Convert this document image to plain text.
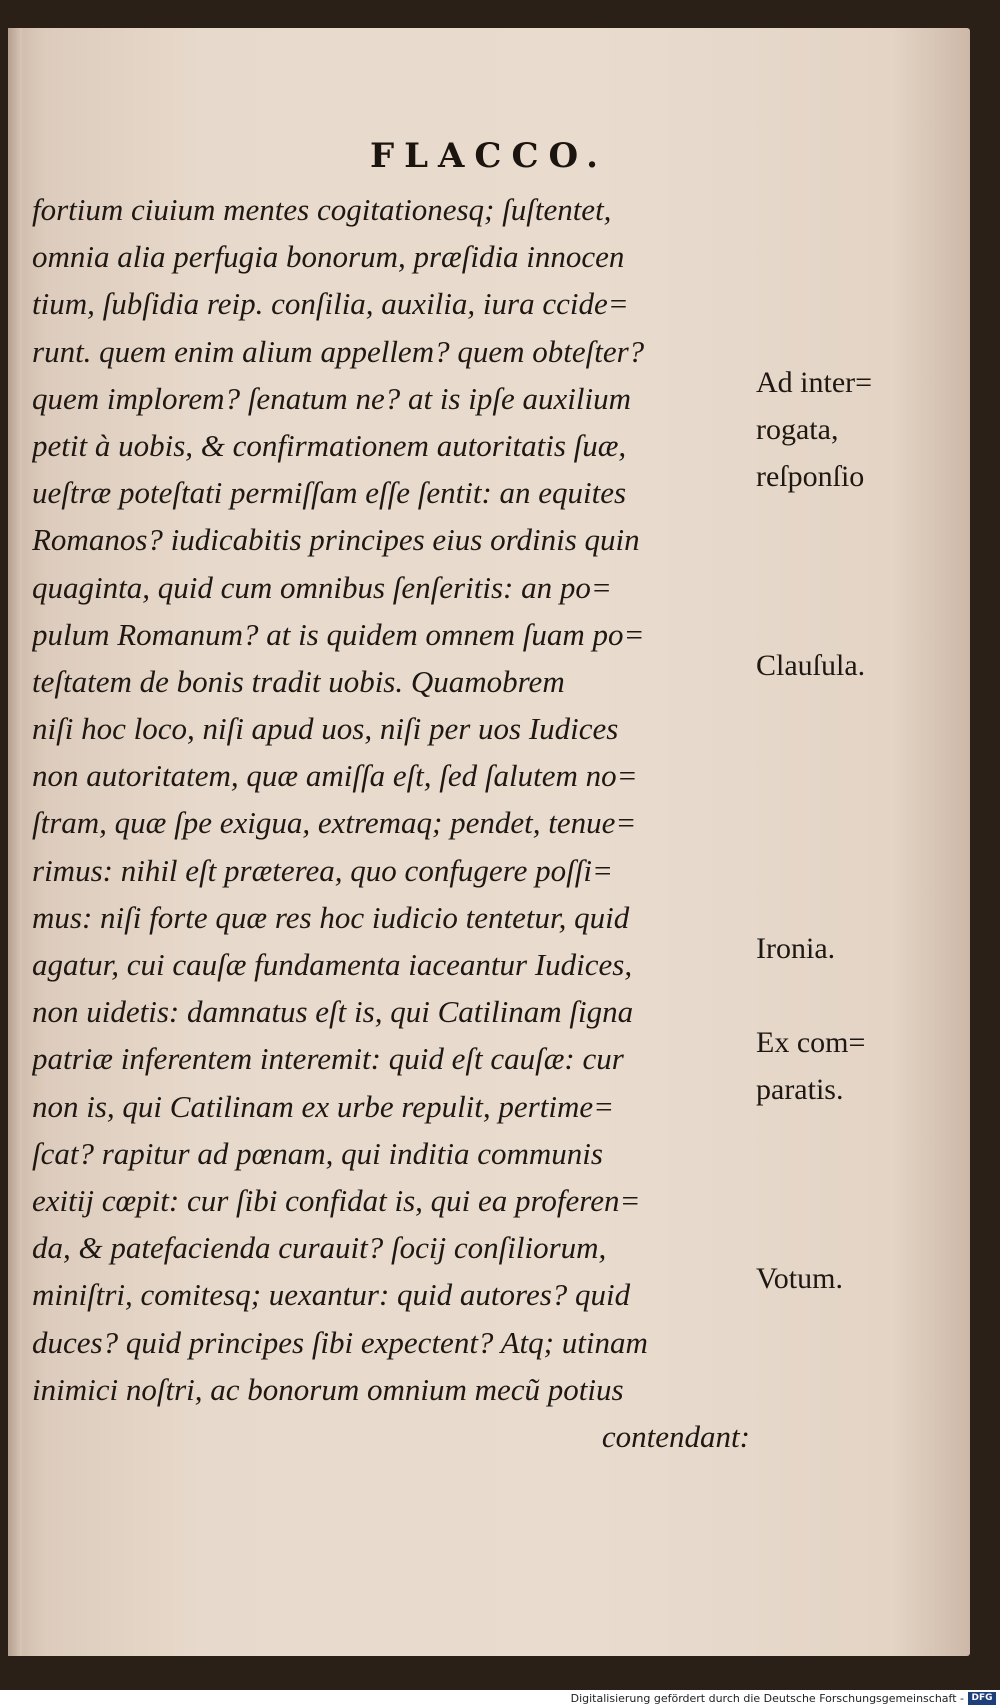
FLACCO.
fortium ciuium mentes cogitationesq; ſuſtentet,
omnia alia perfugia bonorum, præſidia innocen
tium, ſubſidia reip. conſilia, auxilia, iura ccide=
runt. quem enim alium appellem? quem obteſter?
quem implorem? ſenatum ne? at is ipſe auxilium
petit à uobis, & confirmationem autoritatis ſuæ,
ueſtræ poteſtati permiſſam eſſe ſentit: an equites
Romanos? iudicabitis principes eius ordinis quin
quaginta, quid cum omnibus ſenſeritis: an po=
pulum Romanum? at is quidem omnem ſuam po=
teſtatem de bonis tradit uobis. Quamobrem
niſi hoc loco, niſi apud uos, niſi per uos Iudices
non autoritatem, quæ amiſſa eſt, ſed ſalutem no=
ſtram, quæ ſpe exigua, extremaq; pendet, tenue=
rimus: nihil eſt præterea, quo confugere poſſi=
mus: niſi forte quæ res hoc iudicio tentetur, quid
agatur, cui cauſæ fundamenta iaceantur Iudices,
non uidetis: damnatus eſt is, qui Catilinam ſigna
patriæ inferentem interemit: quid eſt cauſæ: cur
non is, qui Catilinam ex urbe repulit, pertime=
ſcat? rapitur ad pœnam, qui inditia communis
exitij cœpit: cur ſibi confidat is, qui ea proferen=
da, & patefacienda curauit? ſocij conſiliorum,
miniſtri, comitesq; uexantur: quid autores? quid
duces? quid principes ſibi expectent? Atq; utinam
inimici noſtri, ac bonorum omnium mecũ potius
contendant:
Ad inter=
rogata,
reſponſio
Clauſula.
Ironia.
Ex com=
paratis.
Votum.
Digitalisierung gefördert durch die Deutsche Forschungsgemeinschaft - DFG
